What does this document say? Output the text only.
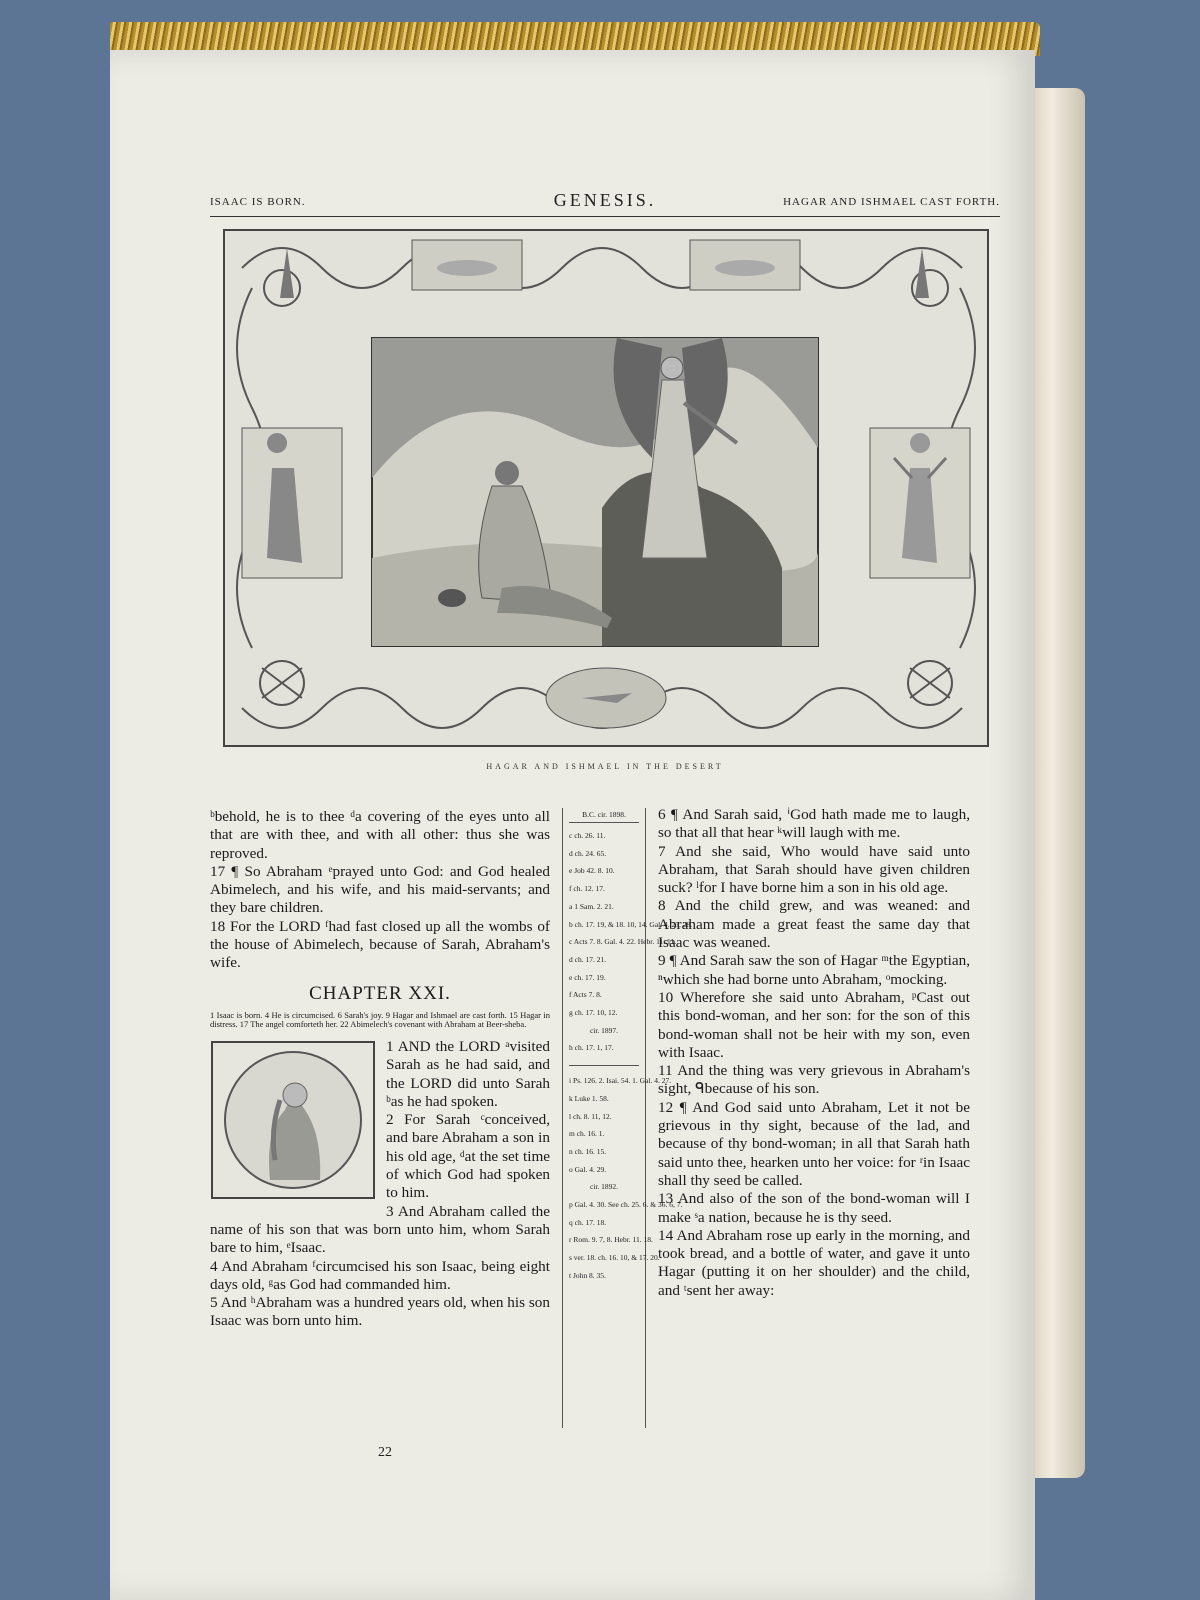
ISAAC IS BORN.	GENESIS.	HAGAR AND ISHMAEL CAST FORTH.
HAGAR AND ISHMAEL IN THE DESERT

ᵇbehold, he is to thee ᵈa covering of the eyes unto all that are with thee, and with all other: thus she was reproved.

17 ¶ So Abraham ᵉprayed unto God: and God healed Abimelech, and his wife, and his maid-servants; and they bare children.

18 For the LORD ᶠhad fast closed up all the wombs of the house of Abimelech, because of Sarah, Abraham's wife.

CHAPTER XXI.
1 Isaac is born. 4 He is circumcised. 6 Sarah's joy. 9 Hagar and Ishmael are cast forth. 15 Hagar in distress. 17 The angel comforteth her. 22 Abimelech's covenant with Abraham at Beer-sheba.

1 AND the LORD ᵃvisited Sarah as he had said, and the LORD did unto Sarah ᵇas he had spoken.

2 For Sarah ᶜconceived, and bare Abraham a son in his old age, ᵈat the set time of which God had spoken to him.

3 And Abraham called the name of his son that was born unto him, whom Sarah bare to him, ᵉIsaac.

4 And Abraham ᶠcircumcised his son Isaac, being eight days old, ᵍas God had commanded him.

5 And ʰAbraham was a hundred years old, when his son Isaac was born unto him.

B.C. cir. 1898.
c ch. 26. 11.
d ch. 24. 65.
e Job 42. 8. 10.
f ch. 12. 17.
a 1 Sam. 2. 21.
b ch. 17. 19, & 18. 10, 14. Gal. 4. 23, 28.
c Acts 7. 8. Gal. 4. 22. Hebr. 11. 11.
d ch. 17. 21.
e ch. 17. 19.
f Acts 7. 8.
g ch. 17. 10, 12.
cir. 1897.
h ch. 17. 1, 17.
i Ps. 126. 2. Isai. 54. 1. Gal. 4. 27.
k Luke 1. 58.
l ch. 8. 11, 12.
m ch. 16. 1.
n ch. 16. 15.
o Gal. 4. 29.
cir. 1892.
p Gal. 4. 30. See ch. 25. 6. & 36. 6, 7.
q ch. 17. 18.
r Rom. 9. 7, 8. Hebr. 11. 18.
s ver. 18. ch. 16. 10, & 17. 20.
t John 8. 35.

6 ¶ And Sarah said, ⁱGod hath made me to laugh, so that all that hear ᵏwill laugh with me.

7 And she said, Who would have said unto Abraham, that Sarah should have given children suck? ˡfor I have borne him a son in his old age.

8 And the child grew, and was weaned: and Abraham made a great feast the same day that Isaac was weaned.

9 ¶ And Sarah saw the son of Hagar ᵐthe Egyptian, ⁿwhich she had borne unto Abraham, ᵒmocking.

10 Wherefore she said unto Abraham, ᵖCast out this bond-woman, and her son: for the son of this bond-woman shall not be heir with my son, even with Isaac.

11 And the thing was very grievous in Abraham's sight, ᑫbecause of his son.

12 ¶ And God said unto Abraham, Let it not be grievous in thy sight, because of the lad, and because of thy bond-woman; in all that Sarah hath said unto thee, hearken unto her voice: for ʳin Isaac shall thy seed be called.

13 And also of the son of the bond-woman will I make ˢa nation, because he is thy seed.

14 And Abraham rose up early in the morning, and took bread, and a bottle of water, and gave it unto Hagar (putting it on her shoulder) and the child, and ᵗsent her away:

22
